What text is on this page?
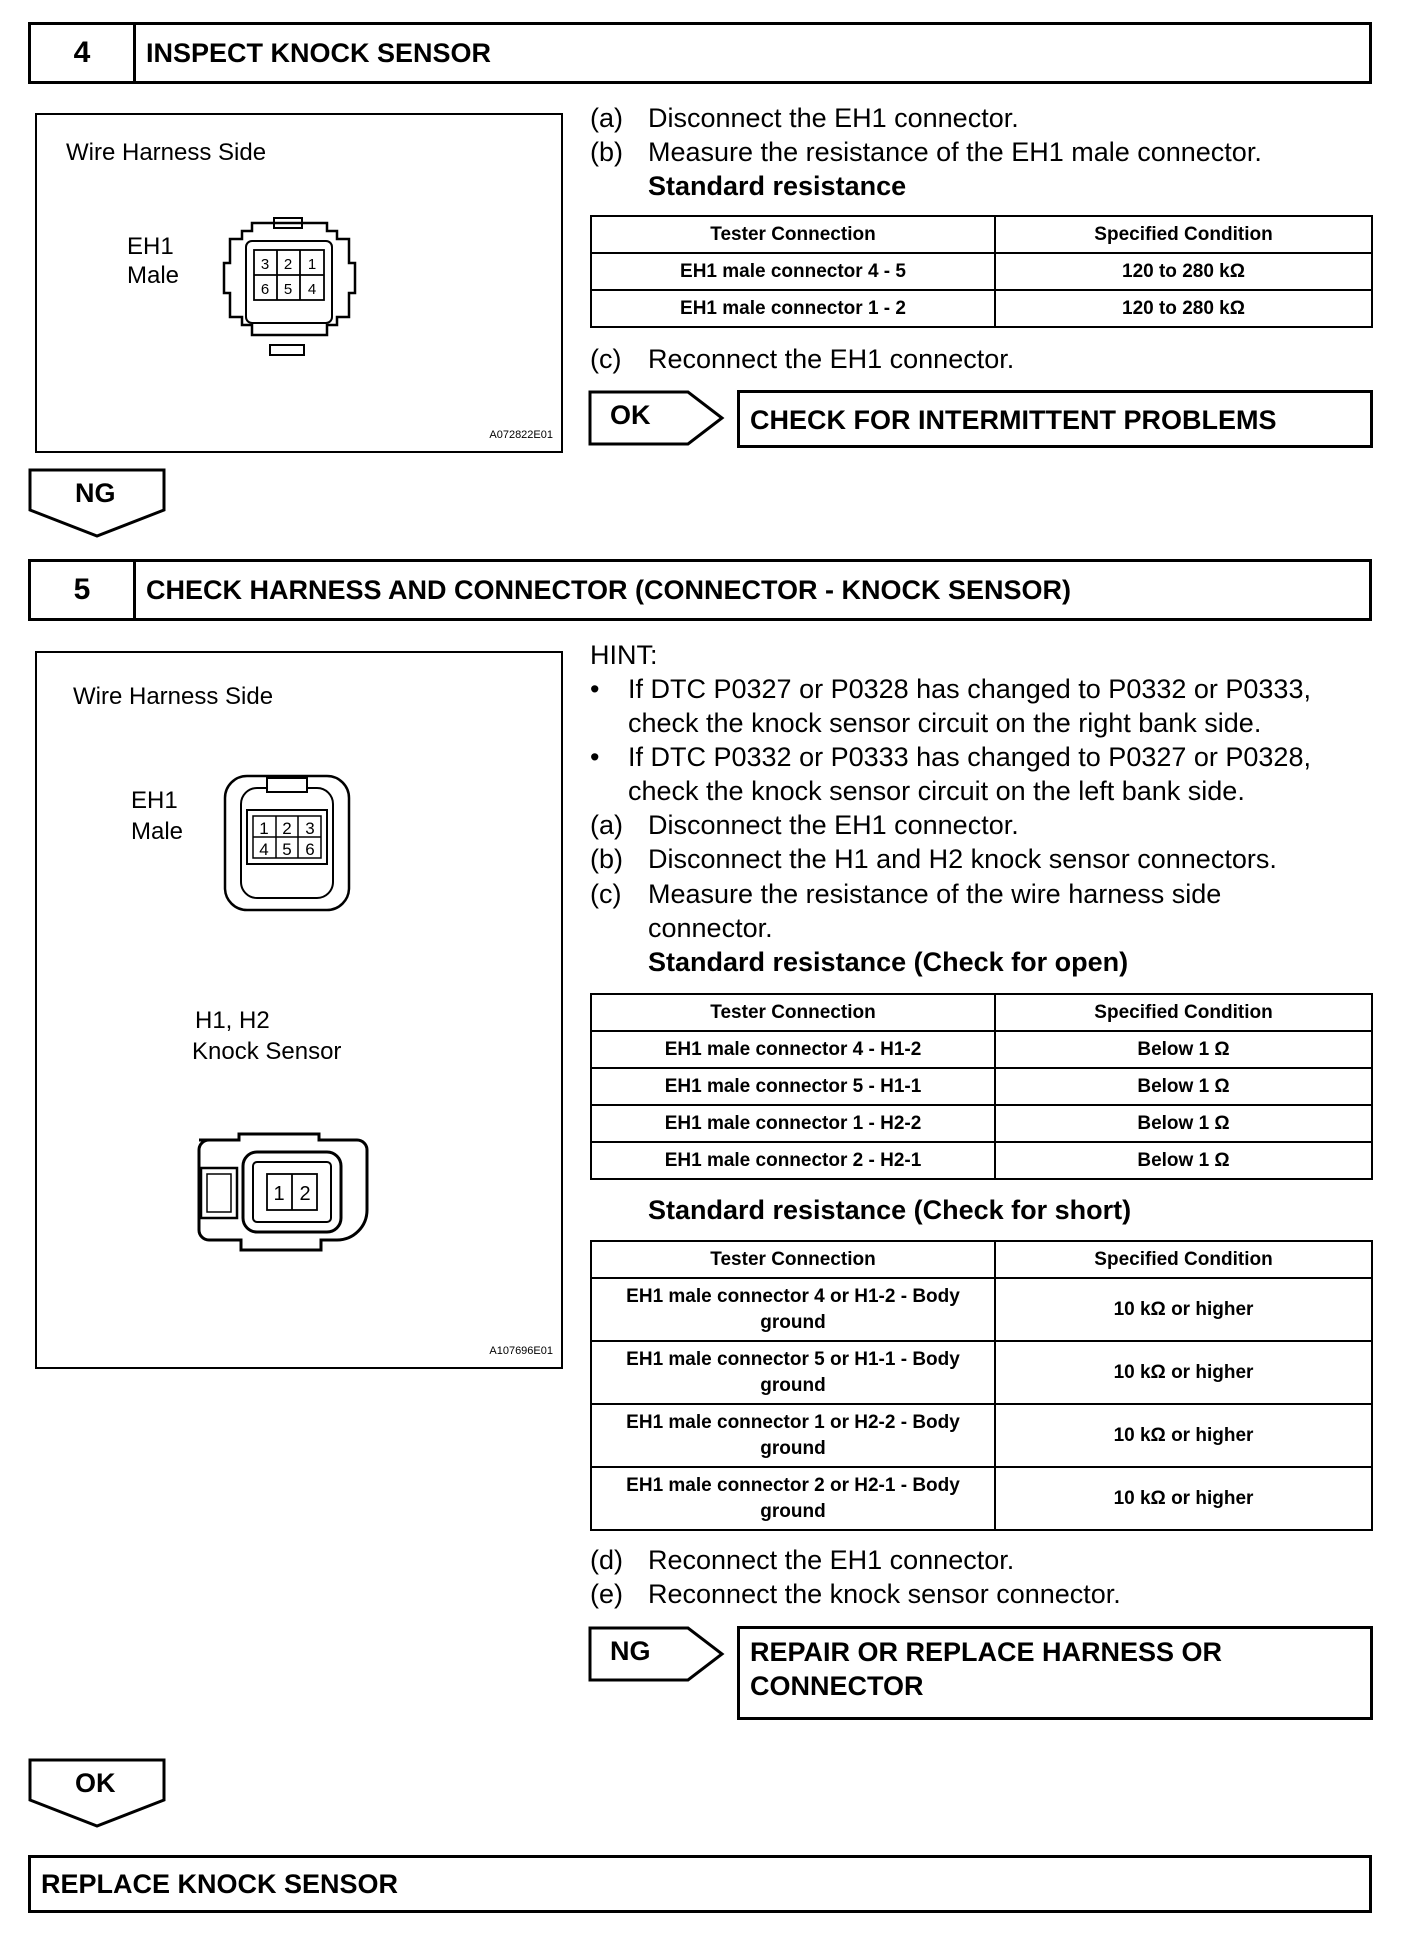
4	INSPECT KNOCK SENSOR
Wire Harness Side
EH1
Male	3 2 1
6 5 4
A072822E01
(a) Disconnect the EH1 connector.
(b) Measure the resistance of the EH1 male connector.
Standard resistance
Tester Connection	Specified Condition
EH1 male connector 4 - 5	120 to 280 kΩ
EH1 male connector 1 - 2	120 to 280 kΩ
(c) Reconnect the EH1 connector.
OK	CHECK FOR INTERMITTENT PROBLEMS
NG
5	CHECK HARNESS AND CONNECTOR (CONNECTOR - KNOCK SENSOR)
Wire Harness Side
EH1
Male	1 2 3
4 5 6
H1, H2
Knock Sensor
1 2
A107696E01
HINT:
• If DTC P0327 or P0328 has changed to P0332 or P0333,
check the knock sensor circuit on the right bank side.
• If DTC P0332 or P0333 has changed to P0327 or P0328,
check the knock sensor circuit on the left bank side.
(a) Disconnect the EH1 connector.
(b) Disconnect the H1 and H2 knock sensor connectors.
(c) Measure the resistance of the wire harness side
connector.
Standard resistance (Check for open)
Tester Connection	Specified Condition
EH1 male connector 4 - H1-2	Below 1 Ω
EH1 male connector 5 - H1-1	Below 1 Ω
EH1 male connector 1 - H2-2	Below 1 Ω
EH1 male connector 2 - H2-1	Below 1 Ω
Standard resistance (Check for short)
Tester Connection	Specified Condition
EH1 male connector 4 or H1-2 - Body ground	10 kΩ or higher
EH1 male connector 5 or H1-1 - Body ground	10 kΩ or higher
EH1 male connector 1 or H2-2 - Body ground	10 kΩ or higher
EH1 male connector 2 or H2-1 - Body ground	10 kΩ or higher
(d) Reconnect the EH1 connector.
(e) Reconnect the knock sensor connector.
NG	REPAIR OR REPLACE HARNESS OR
CONNECTOR
OK
REPLACE KNOCK SENSOR
